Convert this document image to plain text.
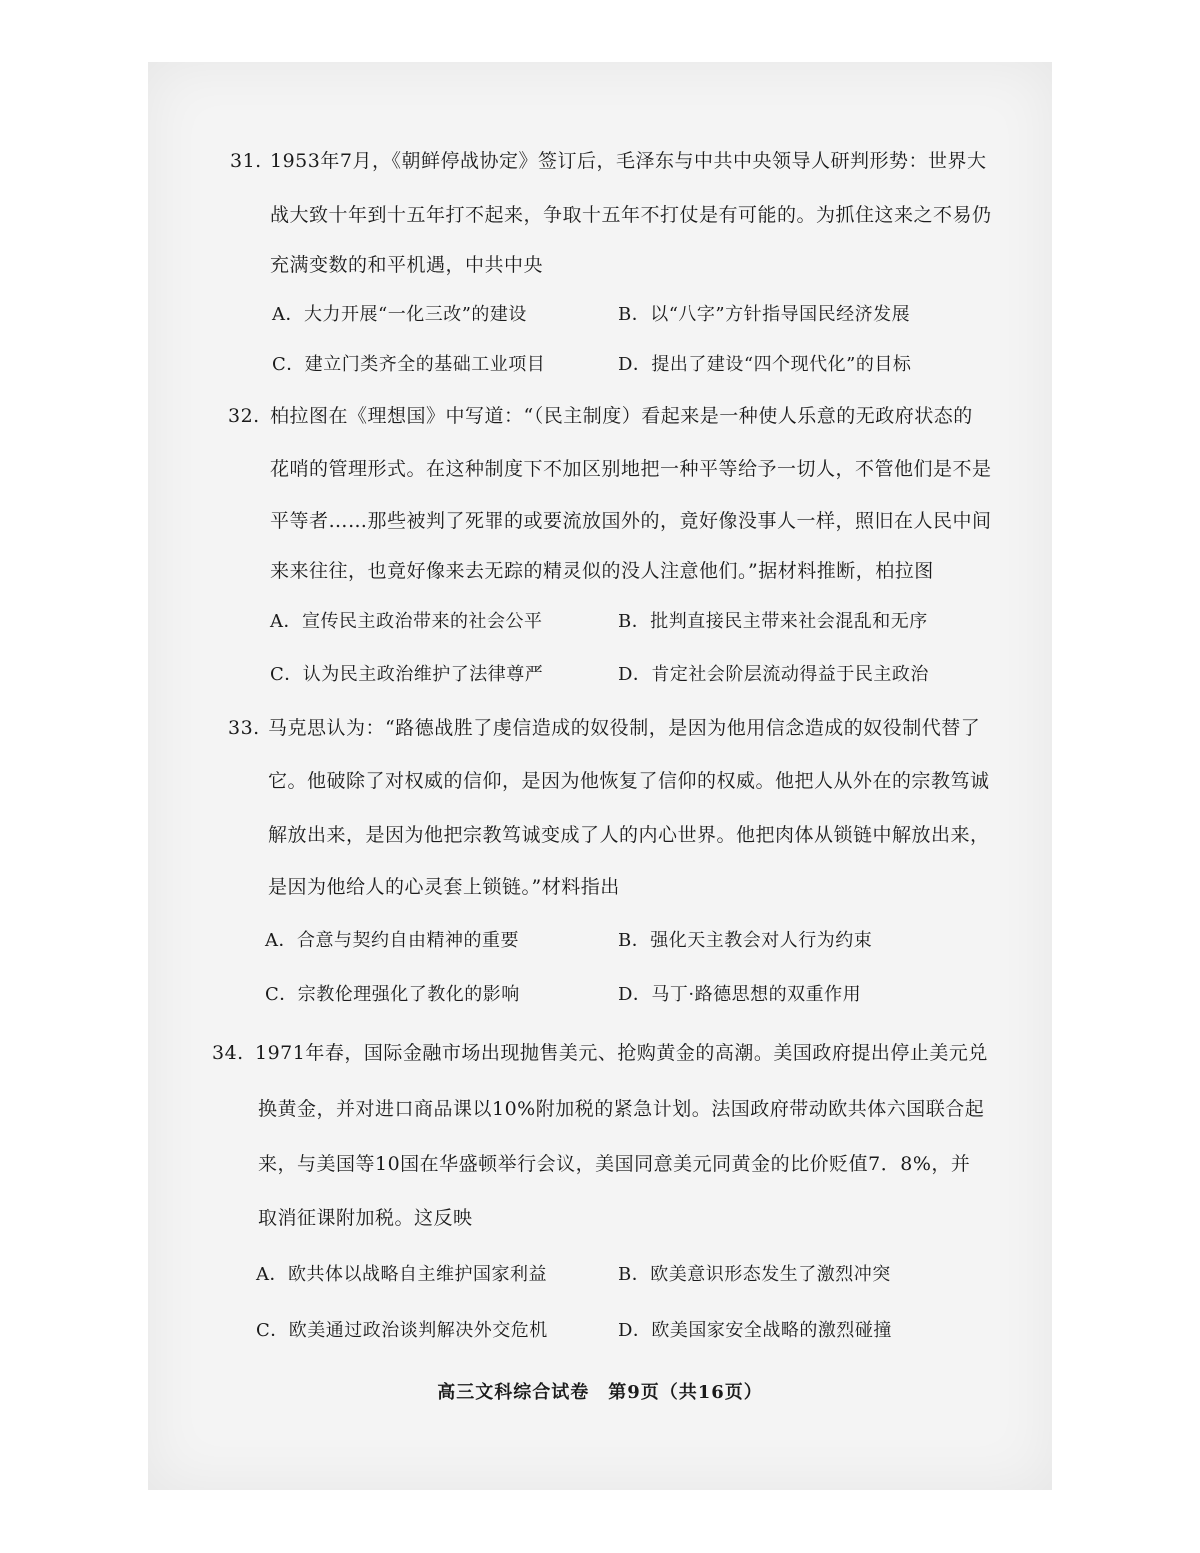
31. 1953年7月，《朝鲜停战协定》签订后，毛泽东与中共中央领导人研判形势：世界大
战大致十年到十五年打不起来，争取十五年不打仗是有可能的。为抓住这来之不易仍
充满变数的和平机遇，中共中央
A．大力开展“一化三改”的建设	B．以“八字”方针指导国民经济发展
C．建立门类齐全的基础工业项目	D．提出了建设“四个现代化”的目标
32. 柏拉图在《理想国》中写道：“（民主制度）看起来是一种使人乐意的无政府状态的
花哨的管理形式。在这种制度下不加区别地把一种平等给予一切人，不管他们是不是
平等者……那些被判了死罪的或要流放国外的，竟好像没事人一样，照旧在人民中间
来来往往，也竟好像来去无踪的精灵似的没人注意他们。”据材料推断，柏拉图
A．宣传民主政治带来的社会公平	B．批判直接民主带来社会混乱和无序
C．认为民主政治维护了法律尊严	D．肯定社会阶层流动得益于民主政治
33. 马克思认为：“路德战胜了虔信造成的奴役制，是因为他用信念造成的奴役制代替了
它。他破除了对权威的信仰，是因为他恢复了信仰的权威。他把人从外在的宗教笃诚
解放出来，是因为他把宗教笃诚变成了人的内心世界。他把肉体从锁链中解放出来，
是因为他给人的心灵套上锁链。”材料指出
A．合意与契约自由精神的重要	B．强化天主教会对人行为约束
C．宗教伦理强化了教化的影响	D．马丁·路德思想的双重作用
34. 1971年春，国际金融市场出现抛售美元、抢购黄金的高潮。美国政府提出停止美元兑
换黄金，并对进口商品课以10%附加税的紧急计划。法国政府带动欧共体六国联合起
来，与美国等10国在华盛顿举行会议，美国同意美元同黄金的比价贬值7．8%，并
取消征课附加税。这反映
A．欧共体以战略自主维护国家利益	B．欧美意识形态发生了激烈冲突
C．欧美通过政治谈判解决外交危机	D．欧美国家安全战略的激烈碰撞
高三文科综合试卷　第9页（共16页）
